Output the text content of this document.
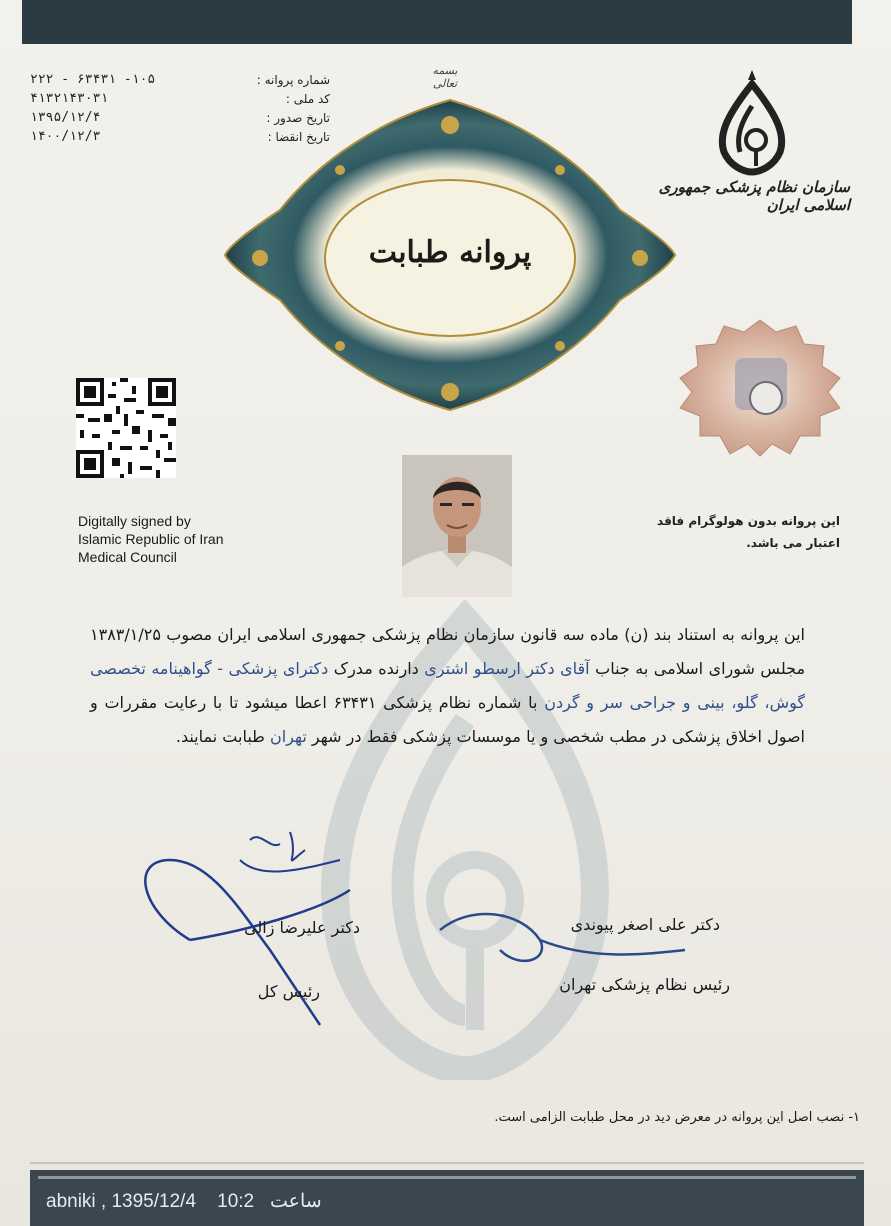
شماره پروانه :
کد ملی :
تاریخ صدور :
تاریخ انقضا :
۲۲۲ - ۶۳۴۳۱ -۱۰۵
۴۱۳۲۱۴۳۰۳۱
۱۳۹۵/۱۲/۴
۱۴۰۰/۱۲/۳
بسمه تعالی
پروانه طبابت
سازمان نظام پزشکی جمهوری اسلامی ایران
Digitally signed by
Islamic Republic of Iran
Medical Council
این پروانه بدون هولوگرام فاقد
اعتبار می باشد.
این پروانه به استناد بند (ن) ماده سه قانون سازمان نظام پزشکی جمهوری اسلامی ایران مصوب ۱۳۸۳/۱/۲۵ مجلس شورای اسلامی به جناب آقای دکتر ارسطو اشتری دارنده مدرک دکترای پزشکی - گواهینامه تخصصی گوش، گلو، بینی و جراحی سر و گردن با شماره نظام پزشکی ۶۳۴۳۱ اعطا میشود تا با رعایت مقررات و اصول اخلاق پزشکی در مطب شخصی و یا موسسات پزشکی فقط در شهر تهران طبابت نمایند.
دکتر علیرضا زالی
رئیس کل
دکتر علی اصغر پیوندی
رئیس نظام پزشکی تهران
۱- نصب اصل این پروانه در معرض دید در محل طبابت الزامی است.
abniki , 1395/12/4 10:2 ساعت
